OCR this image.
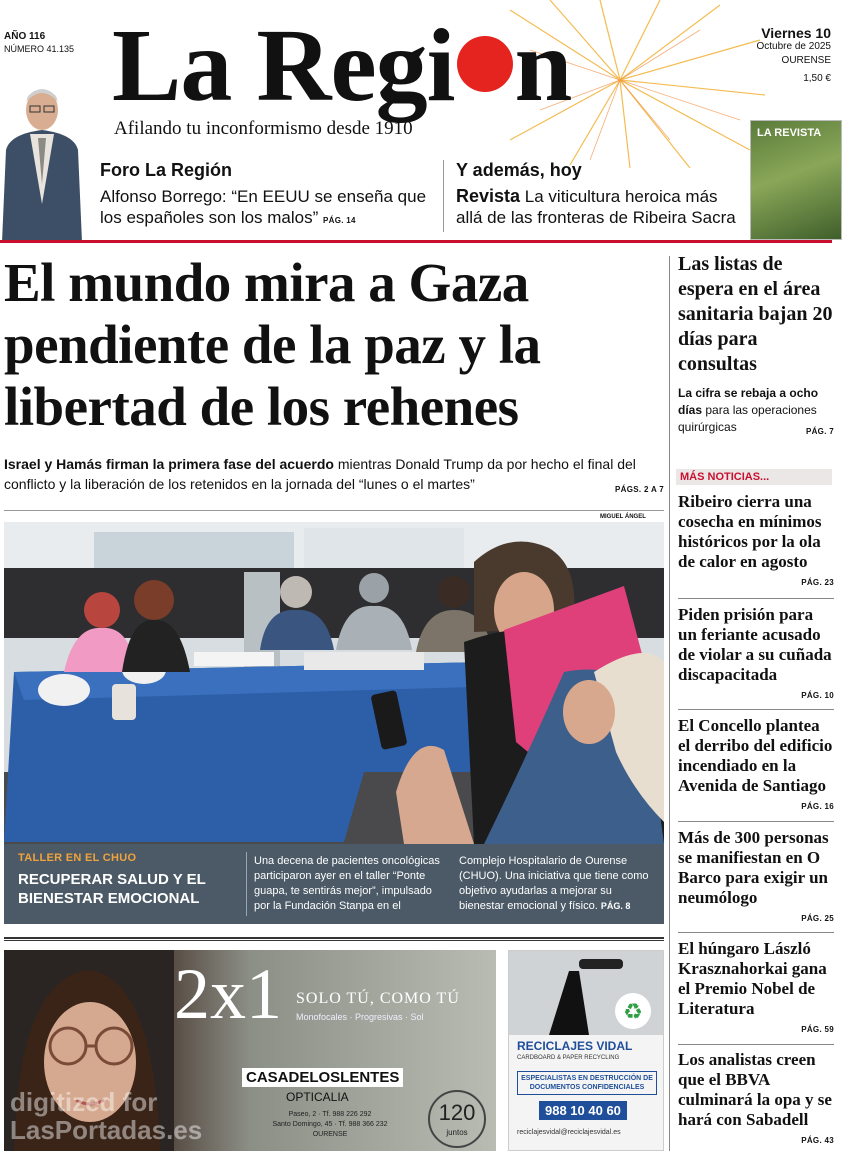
AÑO 116
NÚMERO 41.135 La Regi n	Viernes 10
Octubre de 2025
OURENSE
1,50 €
Afilando tu inconformismo desde 1910	LA REVISTA
Foro La Región
Alfonso Borrego: “En EEUU se enseña que los españoles son los malos” PÁG. 14
Y además, hoy
Revista La viticultura heroica más allá de las fronteras de Ribeira Sacra
El mundo mira a Gaza pendiente de la paz y la libertad de los rehenes
Israel y Hamás firman la primera fase del acuerdo mientras Donald Trump da por hecho el final del conflicto y la liberación de los retenidos en la jornada del “lunes o el martes”	PÁGS. 2 A 7
MIGUEL ÁNGEL
TALLER EN EL CHUO
RECUPERAR SALUD Y EL BIENESTAR EMOCIONAL
Una decena de pacientes oncológicas participaron ayer en el taller “Ponte guapa, te sentirás mejor”, impulsado por la Fundación Stanpa en el
Complejo Hospitalario de Ourense (CHUO). Una iniciativa que tiene como objetivo ayudarlas a mejorar su bienestar emocional y físico. PÁG. 8
2x1 SOLO TÚ, COMO TÚ
Monofocales · Progresivas · Sol
CASADELOSLENTES
OPTICALIA
Paseo, 2 · Tf. 988 226 292
Santo Domingo, 45 · Tf. 988 366 232
OURENSE
120
juntos
♻
RECICLAJES VIDAL
CARDBOARD & PAPER RECYCLING
ESPECIALISTAS EN DESTRUCCIÓN DE DOCUMENTOS CONFIDENCIALES
988 10 40 60
reciclajesvidal@reciclajesvidal.es
digitized for
LasPortadas.es
Las listas de espera en el área sanitaria bajan 20 días para consultas
La cifra se rebaja a ocho días para las operaciones quirúrgicas	PÁG. 7
MÁS NOTICIAS...
Ribeiro cierra una cosecha en mínimos históricos por la ola de calor en agosto
PÁG. 23
Piden prisión para un feriante acusado de violar a su cuñada discapacitada
PÁG. 10
El Concello plantea el derribo del edificio incendiado en la Avenida de Santiago
PÁG. 16
Más de 300 personas se manifiestan en O Barco para exigir un neumólogo
PÁG. 25
El húngaro László Krasznahorkai gana el Premio Nobel de Literatura
PÁG. 59
Los analistas creen que el BBVA culminará la opa y se hará con Sabadell
PÁG. 43
